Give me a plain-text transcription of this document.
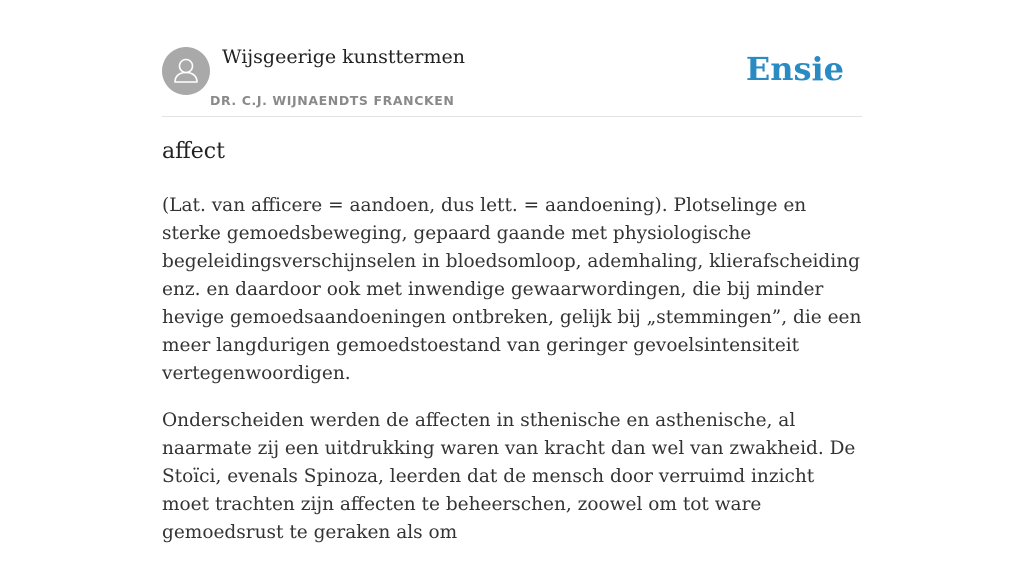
Wijsgeerige kunsttermen
DR. C.J. WIJNAENDTS FRANCKEN
Ensie
affect

(Lat. van afficere = aandoen, dus lett. = aandoening). Plotselinge en sterke gemoedsbeweging, gepaard gaande met physiologische begeleidingsverschijnselen in bloedsomloop, ademhaling, klierafscheiding enz. en daardoor ook met inwendige gewaarwordingen, die bij minder hevige gemoedsaandoeningen ontbreken, gelijk bij „stemmingen”, die een meer langdurigen gemoedstoestand van geringer gevoelsintensiteit vertegenwoordigen.

Onderscheiden werden de affecten in sthenische en asthenische, al naarmate zij een uitdrukking waren van kracht dan wel van zwakheid. De Stoïci, evenals Spinoza, leerden dat de mensch door verruimd inzicht moet trachten zijn affecten te beheerschen, zoowel om tot ware gemoedsrust te geraken als om
